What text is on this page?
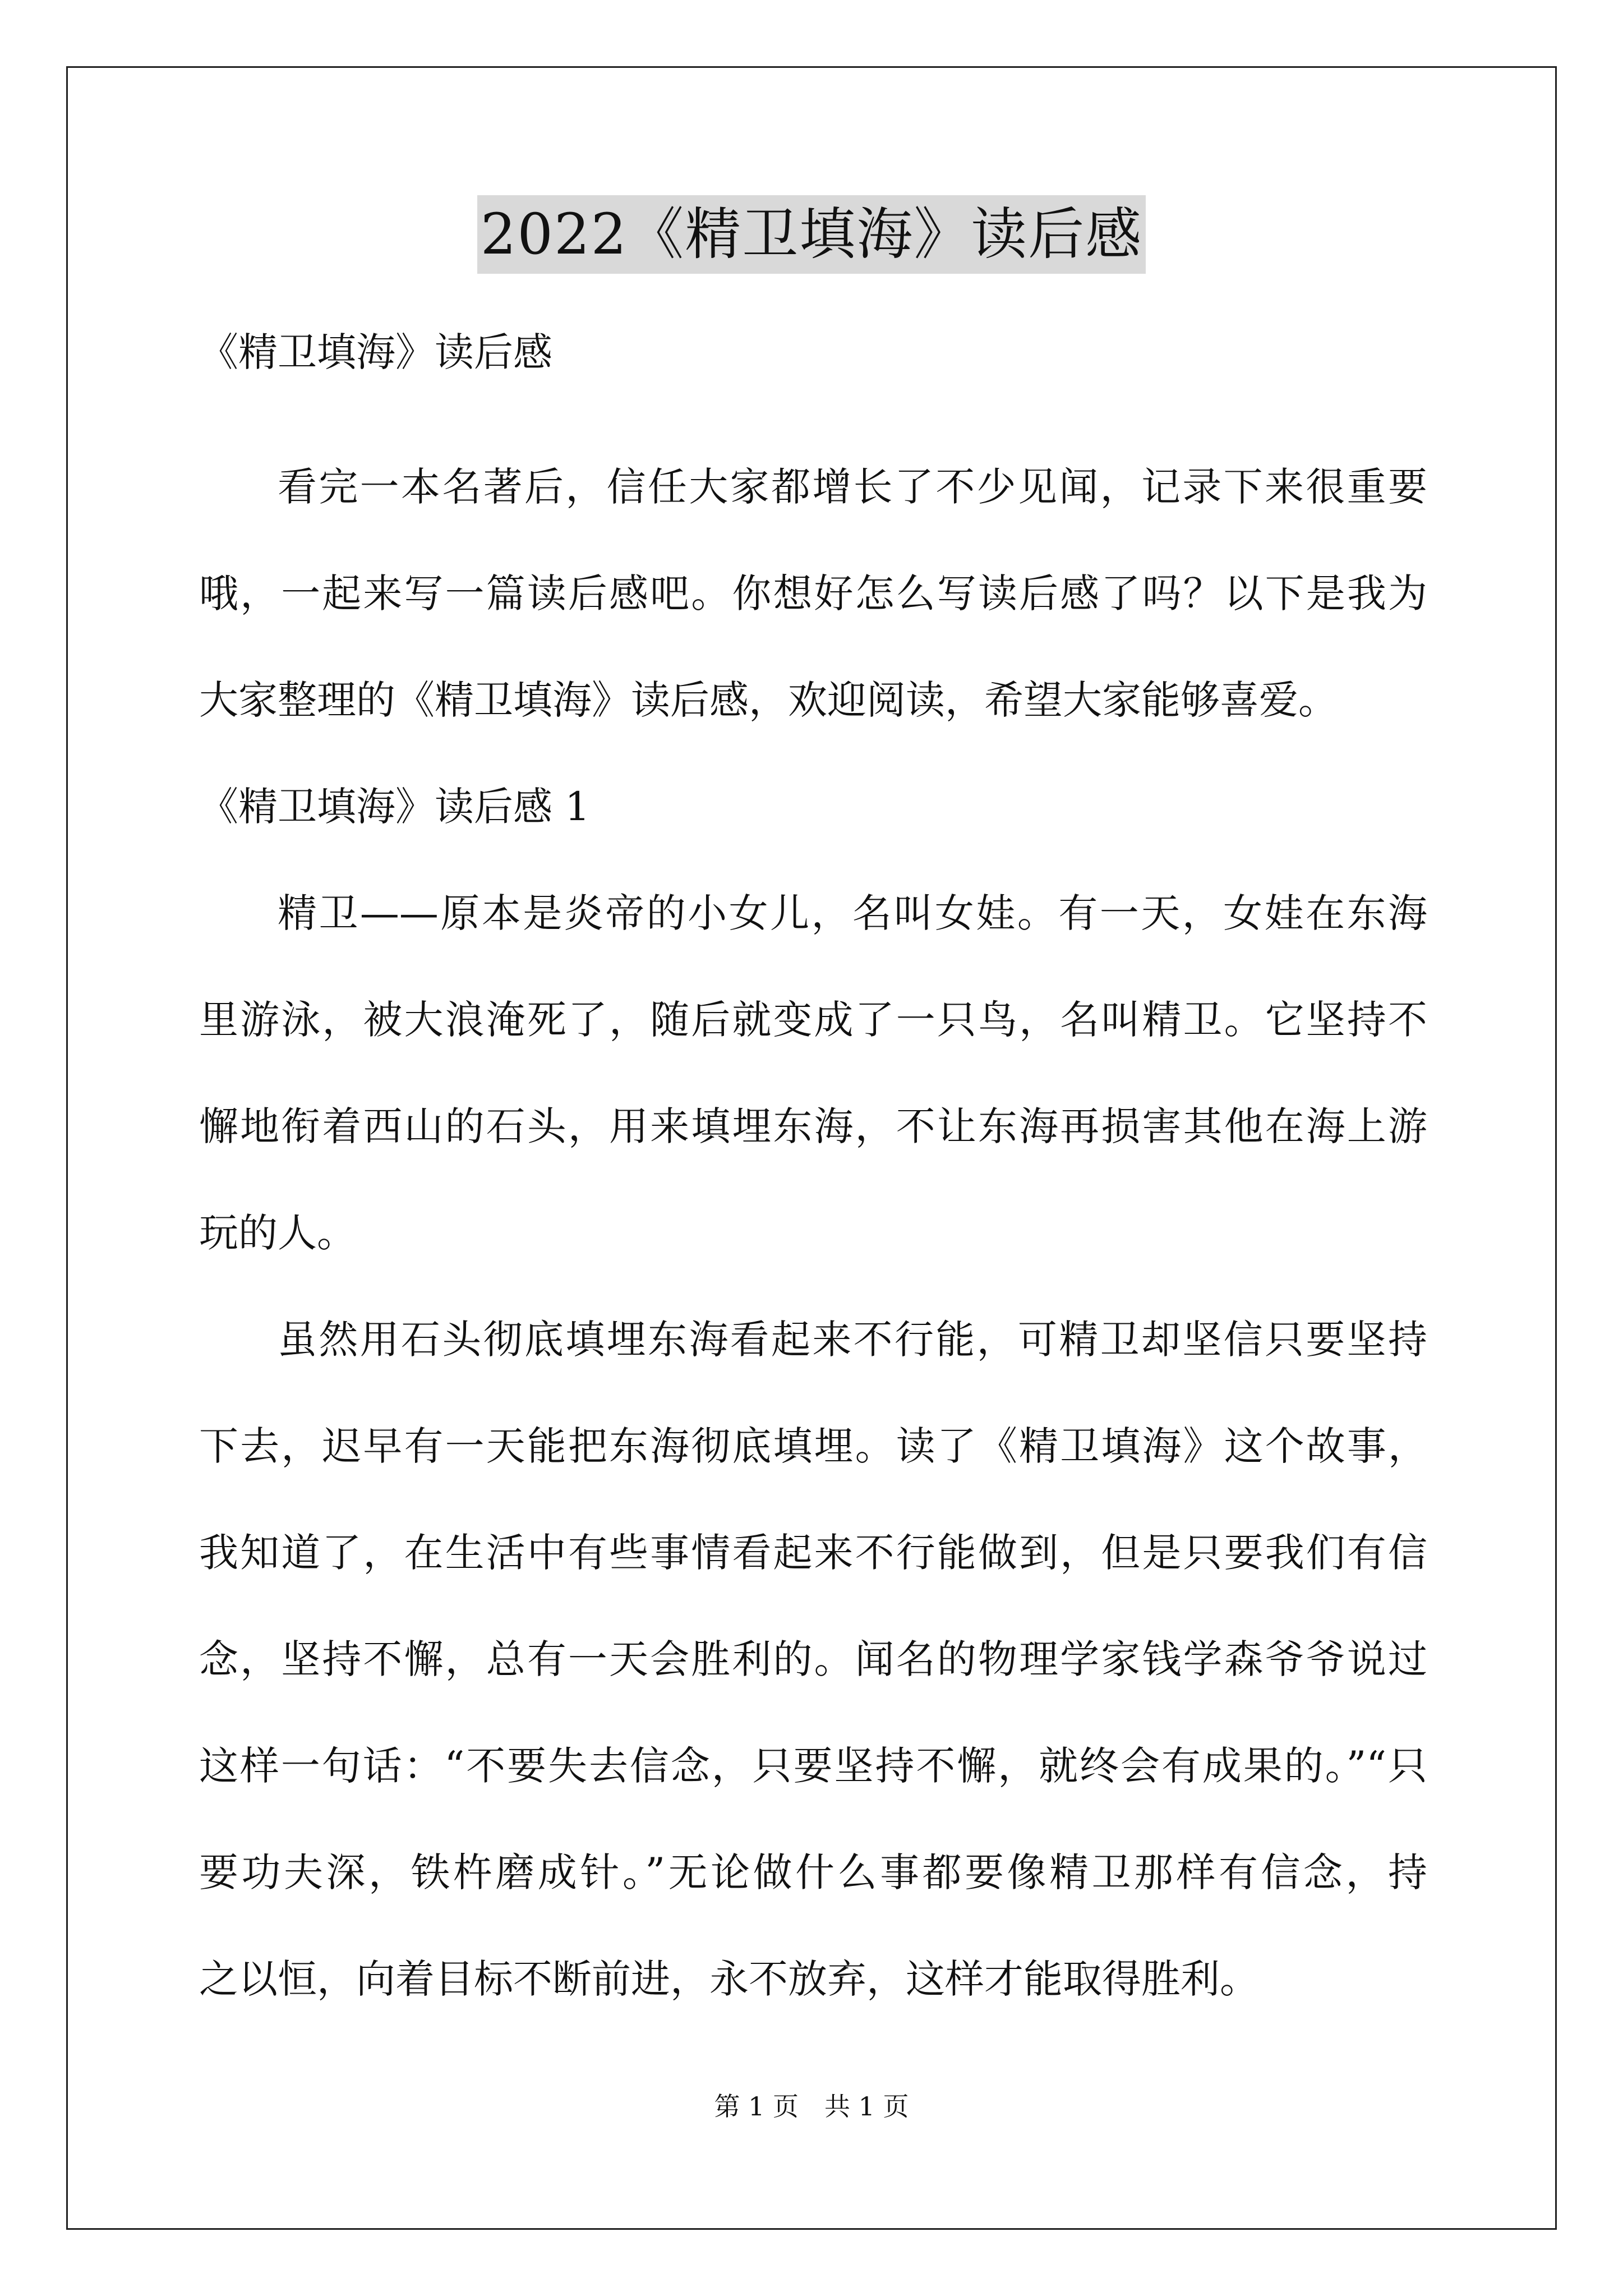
2022《精卫填海》读后感
《精卫填海》读后感
看完一本名著后，信任大家都增长了不少见闻，记录下来很重要
哦，一起来写一篇读后感吧。你想好怎么写读后感了吗？以下是我为
大家整理的《精卫填海》读后感，欢迎阅读，希望大家能够喜爱。
《精卫填海》读后感 1
精卫——原本是炎帝的小女儿，名叫女娃。有一天，女娃在东海
里游泳，被大浪淹死了，随后就变成了一只鸟，名叫精卫。它坚持不
懈地衔着西山的石头，用来填埋东海，不让东海再损害其他在海上游
玩的人。
虽然用石头彻底填埋东海看起来不行能，可精卫却坚信只要坚持
下去，迟早有一天能把东海彻底填埋。读了《精卫填海》这个故事，
我知道了，在生活中有些事情看起来不行能做到，但是只要我们有信
念，坚持不懈，总有一天会胜利的。闻名的物理学家钱学森爷爷说过
这样一句话：“不要失去信念，只要坚持不懈，就终会有成果的。”“只
要功夫深，铁杵磨成针。”无论做什么事都要像精卫那样有信念，持
之以恒，向着目标不断前进，永不放弃，这样才能取得胜利。
第 1 页　共 1 页
